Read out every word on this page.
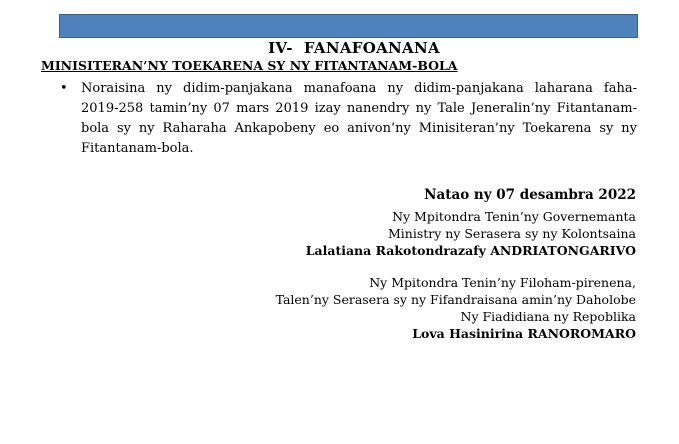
IV-  FANAFOANANA

MINISITERAN’NY TOEKARENA SY NY FITANTANAM-BOLA
• Noraisina ny didim-panjakana manafoana ny didim-panjakana laharana faha-
2019-258 tamin’ny 07 mars 2019 izay nanendry ny Tale Jeneralin’ny Fitantanam-
bola sy ny Raharaha Ankapobeny eo anivon’ny Minisiteran’ny Toekarena sy ny
Fitantanam-bola.
Natao ny 07 desambra 2022
Ny Mpitondra Tenin’ny Governemanta
Ministry ny Serasera sy ny Kolontsaina
Lalatiana Rakotondrazafy ANDRIATONGARIVO
Ny Mpitondra Tenin’ny Filoham-pirenena,
Talen’ny Serasera sy ny Fifandraisana amin’ny Daholobe
Ny Fiadidiana ny Repoblika
Lova Hasinirina RANOROMARO
